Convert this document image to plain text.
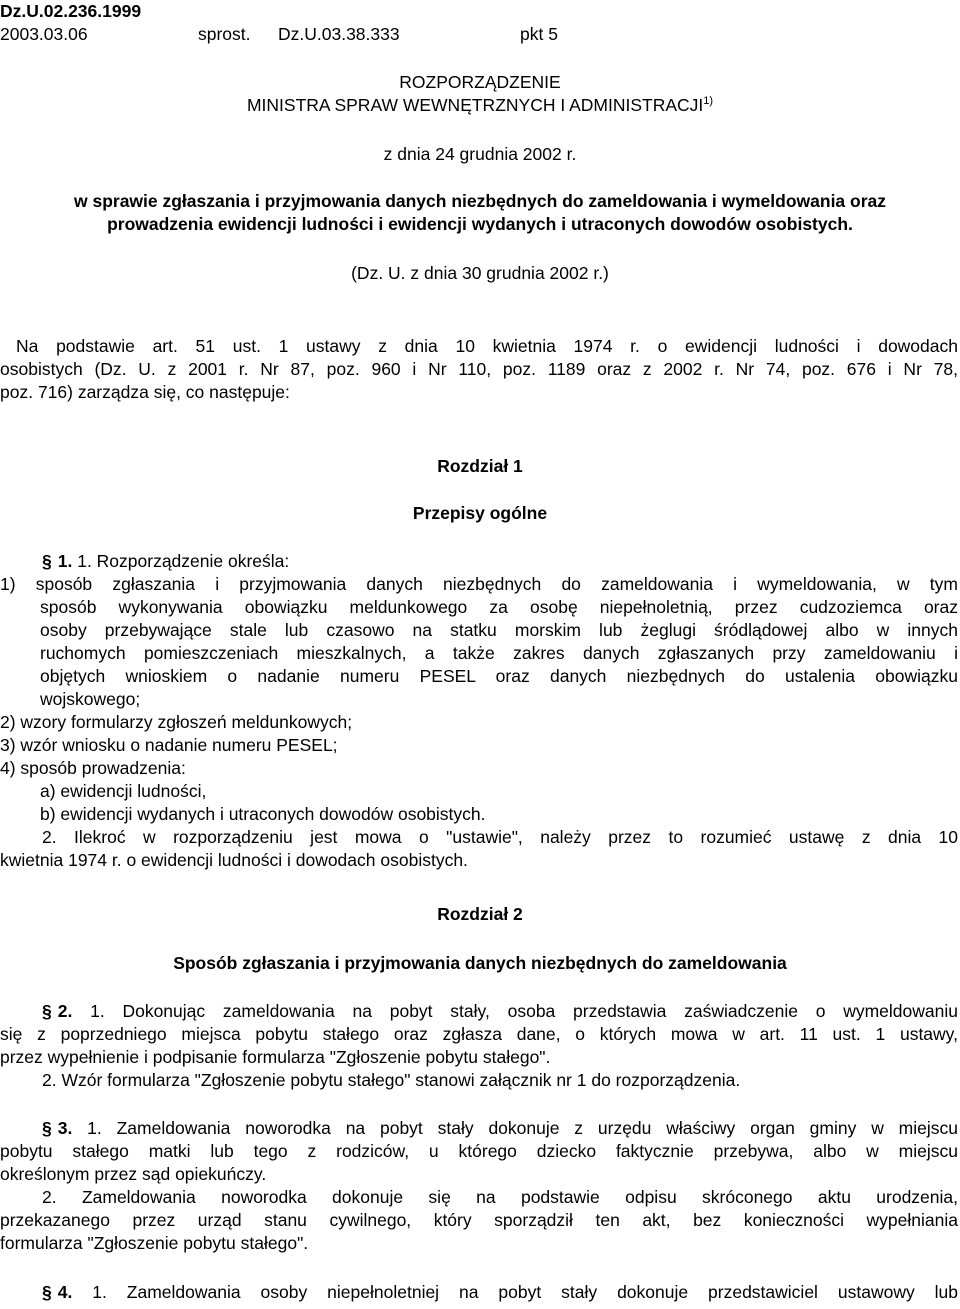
Dz.U.02.236.1999
2003.03.06	sprost. Dz.U.03.38.333	pkt 5
ROZPORZĄDZENIE
MINISTRA SPRAW WEWNĘTRZNYCH I ADMINISTRACJI$^{1)}$
z dnia 24 grudnia 2002 r.
w sprawie zgłaszania i przyjmowania danych niezbędnych do zameldowania i wymeldowania oraz
prowadzenia ewidencji ludności i ewidencji wydanych i utraconych dowodów osobistych.
(Dz. U. z dnia 30 grudnia 2002 r.)
Na podstawie art. 51 ust. 1 ustawy z dnia 10 kwietnia 1974 r. o ewidencji ludności i dowodach
osobistych (Dz. U. z 2001 r. Nr 87, poz. 960 i Nr 110, poz. 1189 oraz z 2002 r. Nr 74, poz. 676 i Nr 78,
poz. 716) zarządza się, co następuje:
Rozdział 1
Przepisy ogólne
§ 1. 1. Rozporządzenie określa:
1) sposób zgłaszania i przyjmowania danych niezbędnych do zameldowania i wymeldowania, w tym
sposób wykonywania obowiązku meldunkowego za osobę niepełnoletnią, przez cudzoziemca oraz
osoby przebywające stale lub czasowo na statku morskim lub żeglugi śródlądowej albo w innych
ruchomych pomieszczeniach mieszkalnych, a także zakres danych zgłaszanych przy zameldowaniu i
objętych wnioskiem o nadanie numeru PESEL oraz danych niezbędnych do ustalenia obowiązku
wojskowego;
2) wzory formularzy zgłoszeń meldunkowych;
3) wzór wniosku o nadanie numeru PESEL;
4) sposób prowadzenia:
a) ewidencji ludności,
b) ewidencji wydanych i utraconych dowodów osobistych.
2. Ilekroć w rozporządzeniu jest mowa o "ustawie", należy przez to rozumieć ustawę z dnia 10
kwietnia 1974 r. o ewidencji ludności i dowodach osobistych.
Rozdział 2
Sposób zgłaszania i przyjmowania danych niezbędnych do zameldowania
§ 2. 1. Dokonując zameldowania na pobyt stały, osoba przedstawia zaświadczenie o wymeldowaniu
się z poprzedniego miejsca pobytu stałego oraz zgłasza dane, o których mowa w art. 11 ust. 1 ustawy,
przez wypełnienie i podpisanie formularza "Zgłoszenie pobytu stałego".
2. Wzór formularza "Zgłoszenie pobytu stałego" stanowi załącznik nr 1 do rozporządzenia.
§ 3. 1. Zameldowania noworodka na pobyt stały dokonuje z urzędu właściwy organ gminy w miejscu
pobytu stałego matki lub tego z rodziców, u którego dziecko faktycznie przebywa, albo w miejscu
określonym przez sąd opiekuńczy.
2. Zameldowania noworodka dokonuje się na podstawie odpisu skróconego aktu urodzenia,
przekazanego przez urząd stanu cywilnego, który sporządził ten akt, bez konieczności wypełniania
formularza "Zgłoszenie pobytu stałego".
§ 4. 1. Zameldowania osoby niepełnoletniej na pobyt stały dokonuje przedstawiciel ustawowy lub
